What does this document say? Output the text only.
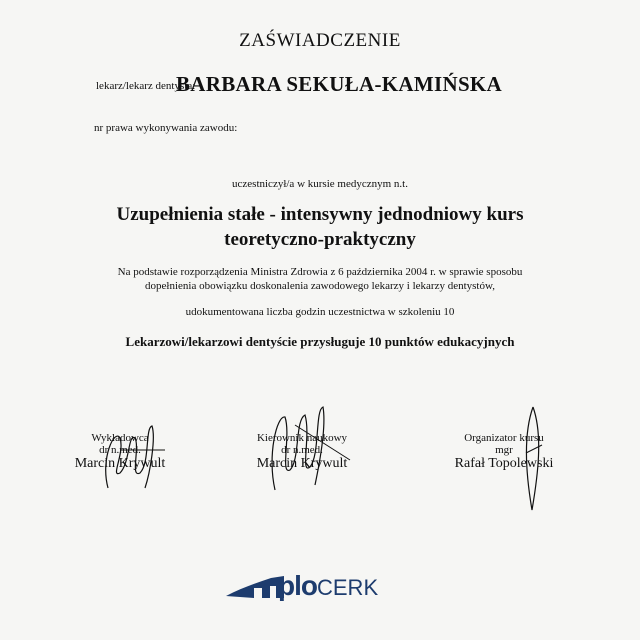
ZAŚWIADCZENIE
lekarz/lekarz dentysta:
BARBARA SEKUŁA-KAMIŃSKA
nr prawa wykonywania zawodu:
uczestniczył/a w kursie medycznym n.t.
Uzupełnienia stałe - intensywny jednodniowy kurs
teoretyczno-praktyczny
Na podstawie rozporządzenia Ministra Zdrowia z 6 października 2004 r. w sprawie sposobu
dopełnienia obowiązku doskonalenia zawodowego lekarzy i lekarzy dentystów,
udokumentowana liczba godzin uczestnictwa w szkoleniu 10
Lekarzowi/lekarzowi dentyście przysługuje 10 punktów edukacyjnych
Wykładowca
dr n.med.
Marcin Krywult
Kierownik naukowy
dr n.med.
Marcin Krywult
Organizator kursu
mgr
Rafał Topolewski
ploCERK
